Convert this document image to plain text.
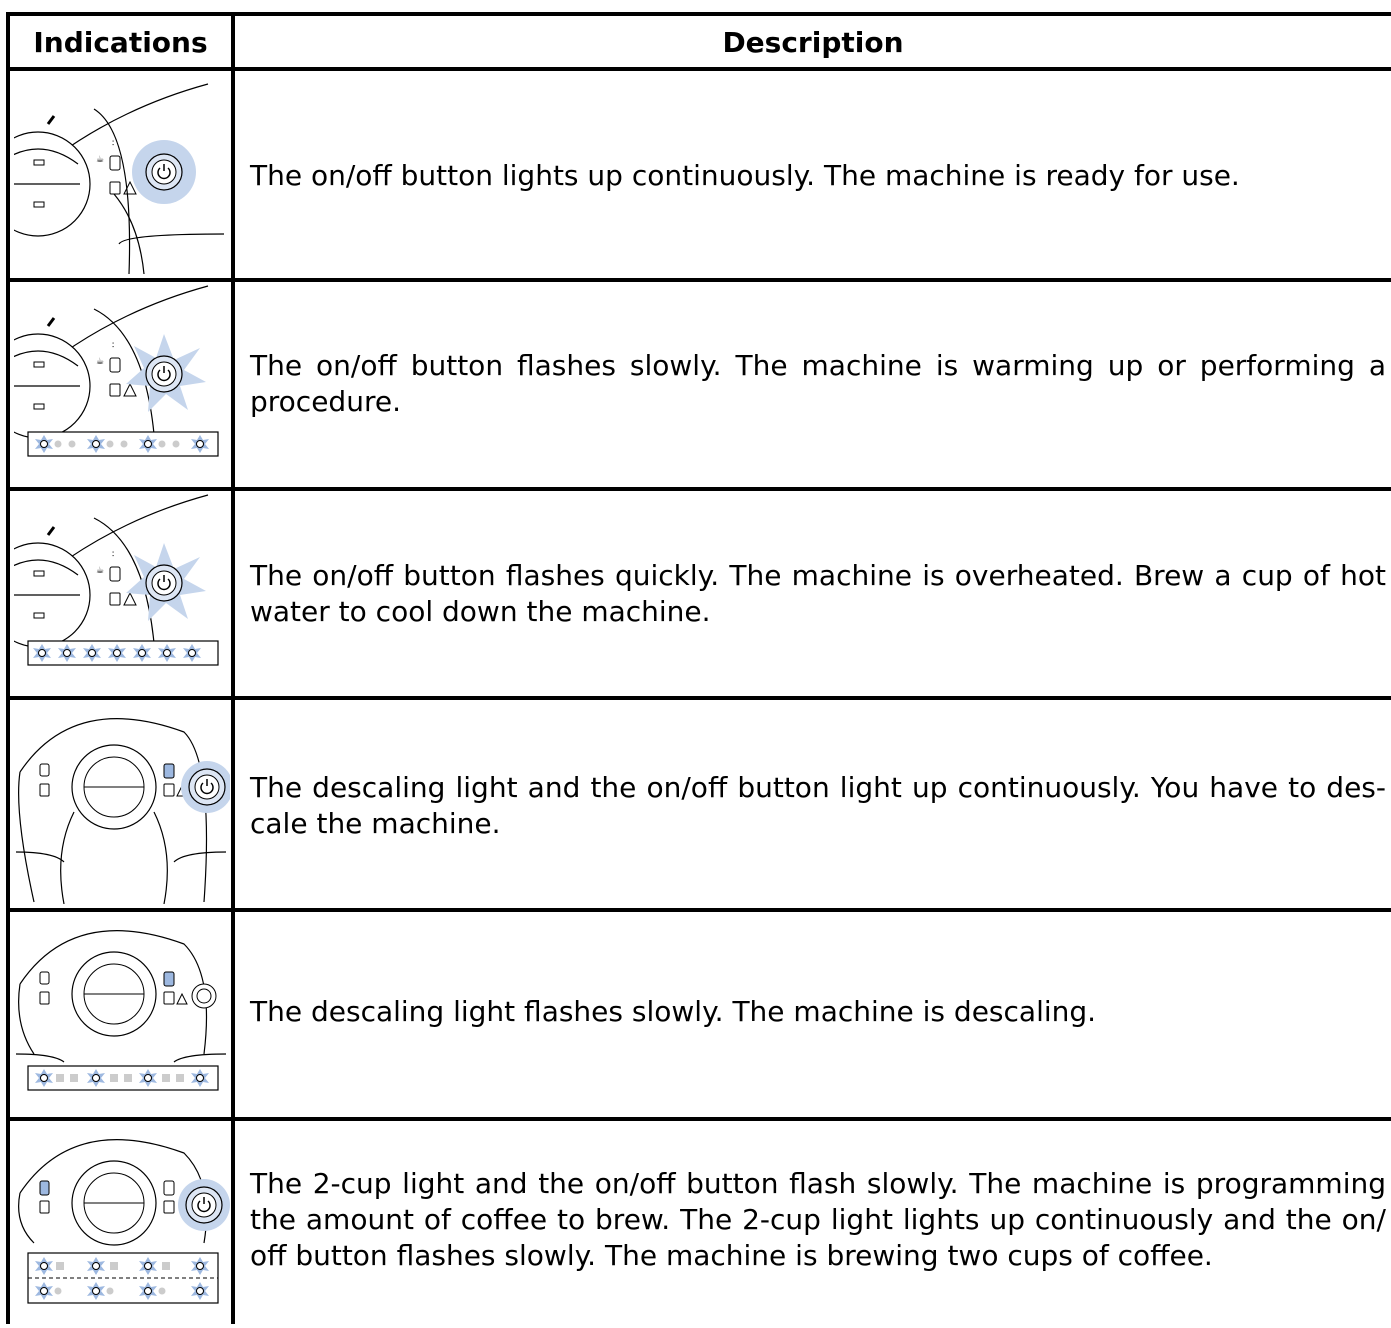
Indications	Description
The on/off button lights up continuously. The machine is ready for use.
The on/off button flashes slowly. The machine is warming up or performing a procedure.
The on/off button flashes quickly. The machine is overheated. Brew a cup of hot water to cool down the machine.
The descaling light and the on/off button light up continuously. You have to des-cale the machine.
The descaling light flashes slowly. The machine is descaling.
The 2-cup light and the on/off button flash slowly. The machine is programming the amount of coffee to brew. The 2-cup light lights up continuously and the on/ off button flashes slowly. The machine is brewing two cups of coffee.
